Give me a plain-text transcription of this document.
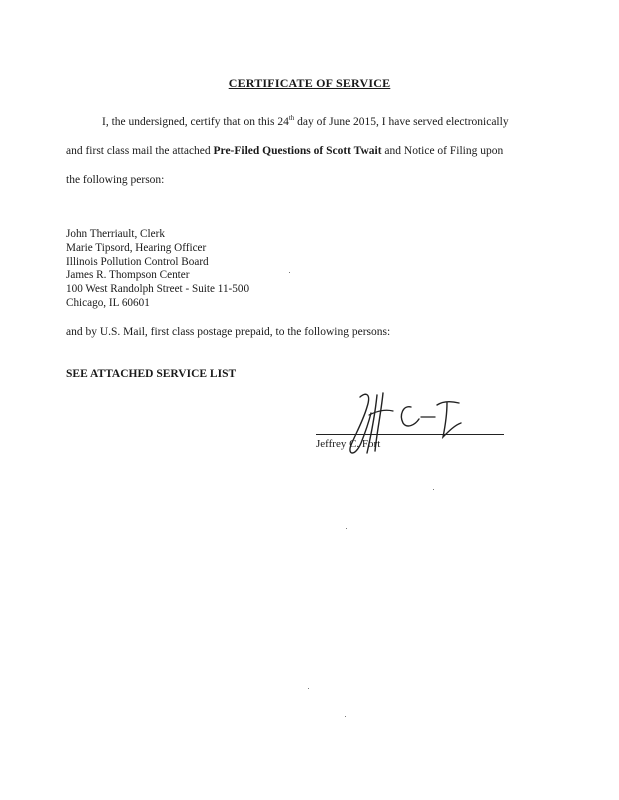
CERTIFICATE OF SERVICE
I, the undersigned, certify that on this 24th day of June 2015, I have served electronically
and first class mail the attached Pre-Filed Questions of Scott Twait and Notice of Filing upon
the following person:
John Therriault, Clerk
Marie Tipsord, Hearing Officer
Illinois Pollution Control Board
James R. Thompson Center
100 West Randolph Street - Suite 11-500
Chicago, IL 60601
and by U.S. Mail, first class postage prepaid, to the following persons:
SEE ATTACHED SERVICE LIST
Jeffrey C. Fort
